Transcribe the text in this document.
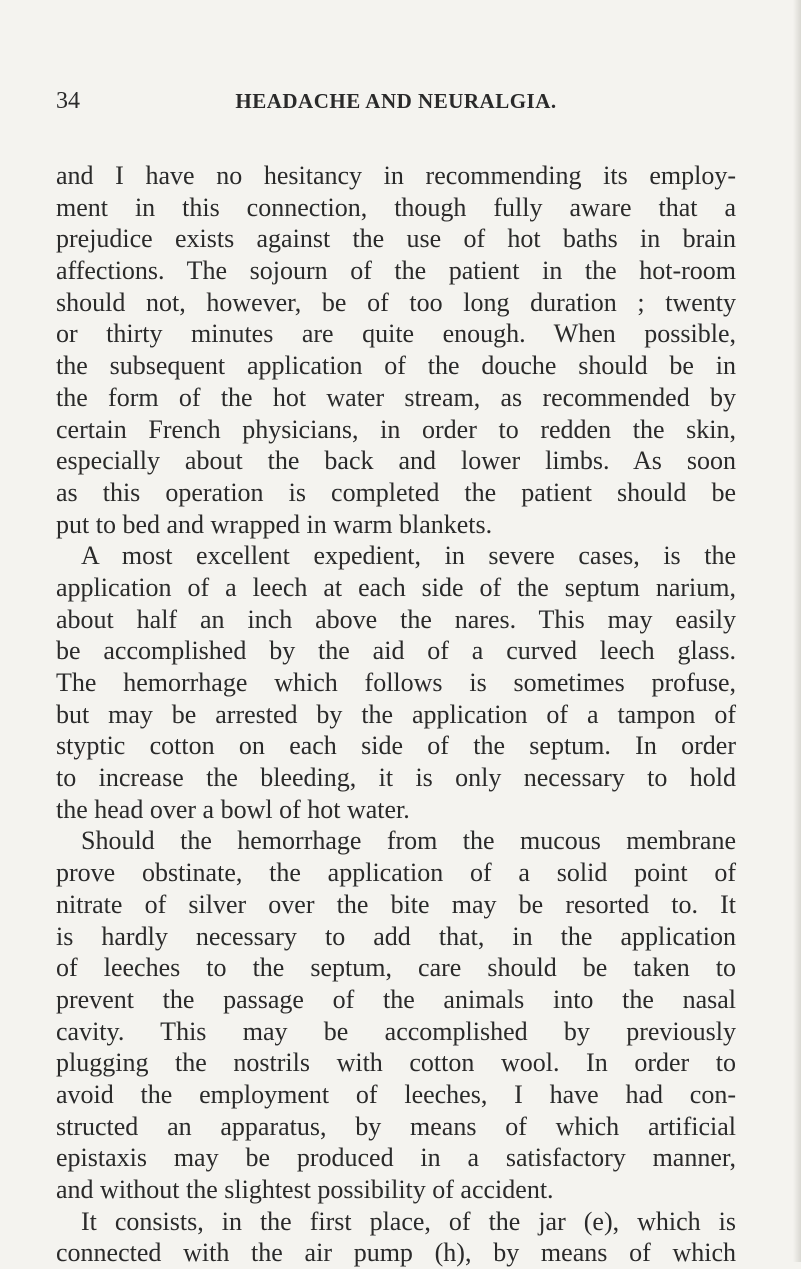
34	HEADACHE AND NEURALGIA.
and I have no hesitancy in recommending its employ-
ment in this connection, though fully aware that a
prejudice exists against the use of hot baths in brain
affections. The sojourn of the patient in the hot-room
should not, however, be of too long duration ; twenty
or thirty minutes are quite enough. When possible,
the subsequent application of the douche should be in
the form of the hot water stream, as recommended by
certain French physicians, in order to redden the skin,
especially about the back and lower limbs. As soon
as this operation is completed the patient should be
put to bed and wrapped in warm blankets.
A most excellent expedient, in severe cases, is the
application of a leech at each side of the septum narium,
about half an inch above the nares. This may easily
be accomplished by the aid of a curved leech glass.
The hemorrhage which follows is sometimes profuse,
but may be arrested by the application of a tampon of
styptic cotton on each side of the septum. In order
to increase the bleeding, it is only necessary to hold
the head over a bowl of hot water.
Should the hemorrhage from the mucous membrane
prove obstinate, the application of a solid point of
nitrate of silver over the bite may be resorted to. It
is hardly necessary to add that, in the application
of leeches to the septum, care should be taken to
prevent the passage of the animals into the nasal
cavity. This may be accomplished by previously
plugging the nostrils with cotton wool. In order to
avoid the employment of leeches, I have had con-
structed an apparatus, by means of which artificial
epistaxis may be produced in a satisfactory manner,
and without the slightest possibility of accident.
It consists, in the first place, of the jar (e), which is
connected with the air pump (h), by means of which
